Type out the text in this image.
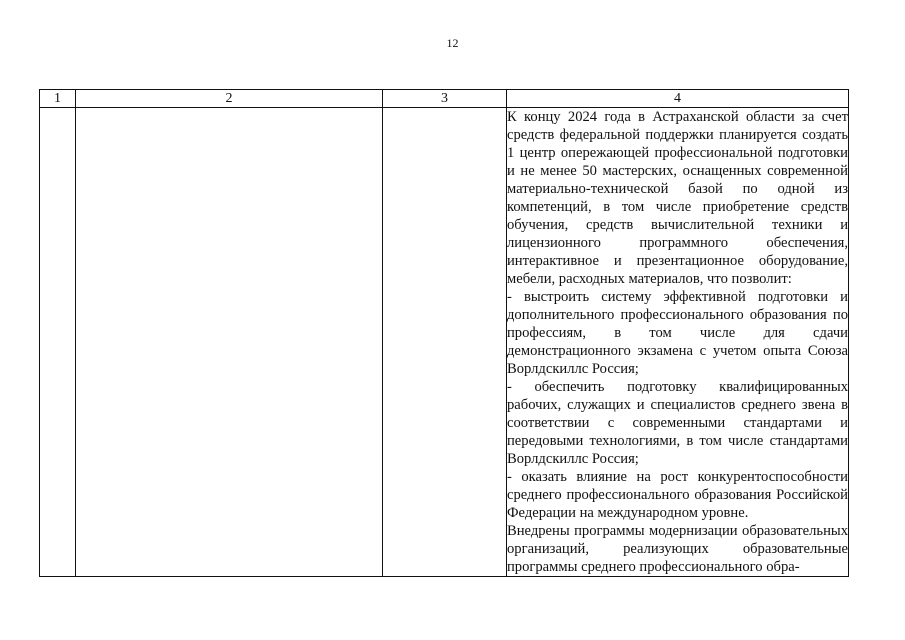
12
1	2	3	4

			К концу 2024 года в Астраханской области за счет средств федеральной поддержки планируется создать 1 центр опережающей профессиональной подготовки и не менее 50 мастерских, оснащенных современной материально-технической базой по одной из компетенций, в том числе приобретение средств обучения, средств вычислительной техники и лицензионного программного обеспечения, интерактивное и презентационное оборудование, мебели, расходных материалов, что позволит:

- выстроить систему эффективной подготовки и дополнительного профессионального образования по профессиям, в том числе для сдачи демонстрационного экзамена с учетом опыта Союза Ворлдскиллс Россия;

- обеспечить подготовку квалифицированных рабочих, служащих и специалистов среднего звена в соответствии с современными стандартами и передовыми технологиями, в том числе стандартами Ворлдскиллс Россия;

- оказать влияние на рост конкурентоспособности среднего профессионального образования Российской Федерации на международном уровне.

Внедрены программы модернизации образовательных организаций, реализующих образовательные программы среднего профессионального обра-
